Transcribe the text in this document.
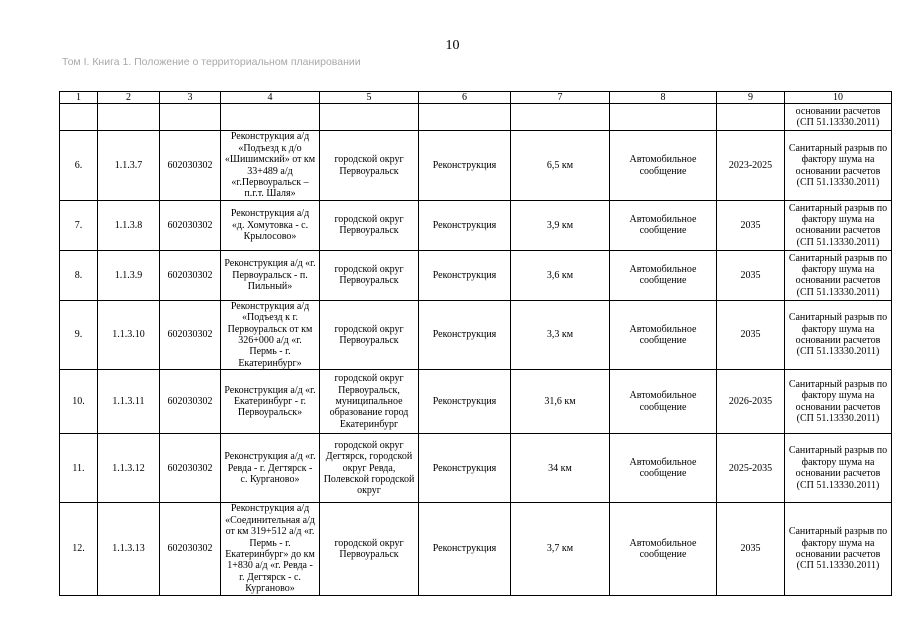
10
Том I. Книга 1. Положение о территориальном планировании
1	2	3	4	5	6	7	8	9	10
									основании расчетов (СП 51.13330.2011)
6.	1.1.3.7	602030302	Реконструкция а/д «Подъезд к д/о «Шишимский» от км 33+489 а/д «г.Первоуральск – п.г.т. Шаля»	городской округ Первоуральск	Реконструкция	6,5 км	Автомобильное сообщение	2023-2025	Санитарный разрыв по фактору шума на основании расчетов (СП 51.13330.2011)
7.	1.1.3.8	602030302	Реконструкция а/д «д. Хомутовка - с. Крылосово»	городской округ Первоуральск	Реконструкция	3,9 км	Автомобильное сообщение	2035	Санитарный разрыв по фактору шума на основании расчетов (СП 51.13330.2011)
8.	1.1.3.9	602030302	Реконструкция а/д «г. Первоуральск - п. Пильный»	городской округ Первоуральск	Реконструкция	3,6 км	Автомобильное сообщение	2035	Санитарный разрыв по фактору шума на основании расчетов (СП 51.13330.2011)
9.	1.1.3.10	602030302	Реконструкция а/д «Подъезд к г. Первоуральск от км 326+000 а/д «г. Пермь - г. Екатеринбург»	городской округ Первоуральск	Реконструкция	3,3 км	Автомобильное сообщение	2035	Санитарный разрыв по фактору шума на основании расчетов (СП 51.13330.2011)
10.	1.1.3.11	602030302	Реконструкция а/д «г. Екатеринбург - г. Первоуральск»	городской округ Первоуральск, муниципальное образование город Екатеринбург	Реконструкция	31,6 км	Автомобильное сообщение	2026-2035	Санитарный разрыв по фактору шума на основании расчетов (СП 51.13330.2011)
11.	1.1.3.12	602030302	Реконструкция а/д «г. Ревда - г. Дегтярск - с. Курганово»	городской округ Дегтярск, городской округ Ревда, Полевской городской округ	Реконструкция	34 км	Автомобильное сообщение	2025-2035	Санитарный разрыв по фактору шума на основании расчетов (СП 51.13330.2011)
12.	1.1.3.13	602030302	Реконструкция а/д «Соединительная а/д от км 319+512 а/д «г. Пермь - г. Екатеринбург» до км 1+830 а/д «г. Ревда - г. Дегтярск - с. Курганово»	городской округ Первоуральск	Реконструкция	3,7 км	Автомобильное сообщение	2035	Санитарный разрыв по фактору шума на основании расчетов (СП 51.13330.2011)
